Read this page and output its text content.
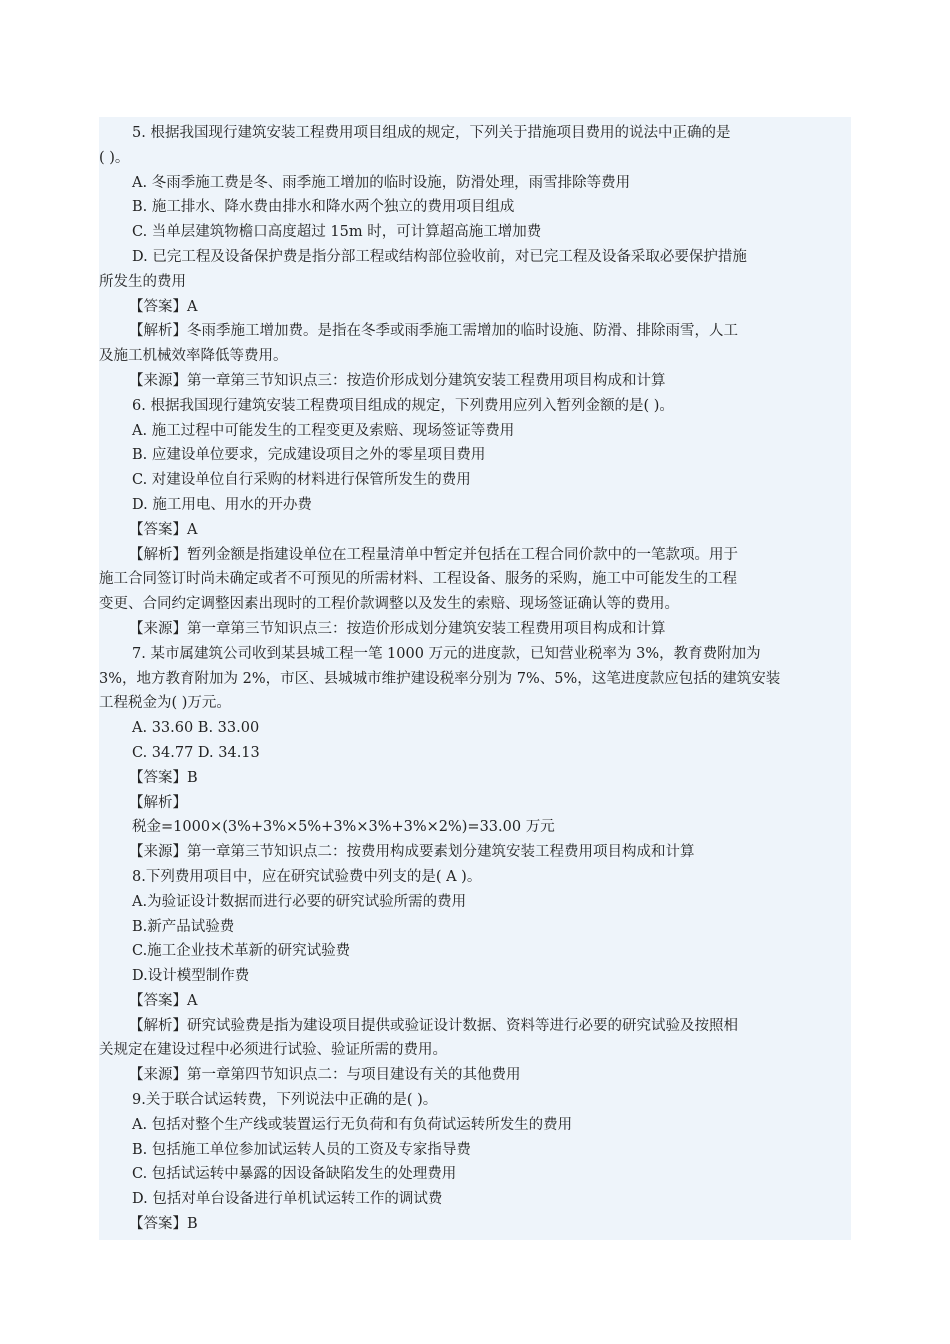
5. 根据我国现行建筑安装工程费用项目组成的规定，下列关于措施项目费用的说法中正确的是
( )。
A. 冬雨季施工费是冬、雨季施工增加的临时设施，防滑处理，雨雪排除等费用
B. 施工排水、降水费由排水和降水两个独立的费用项目组成
C. 当单层建筑物檐口高度超过 15m 时，可计算超高施工增加费
D. 已完工程及设备保护费是指分部工程或结构部位验收前，对已完工程及设备采取必要保护措施
所发生的费用
【答案】A
【解析】冬雨季施工增加费。是指在冬季或雨季施工需增加的临时设施、防滑、排除雨雪，人工
及施工机械效率降低等费用。
【来源】第一章第三节知识点三：按造价形成划分建筑安装工程费用项目构成和计算
6. 根据我国现行建筑安装工程费项目组成的规定，下列费用应列入暂列金额的是( )。
A. 施工过程中可能发生的工程变更及索赔、现场签证等费用
B. 应建设单位要求，完成建设项目之外的零星项目费用
C. 对建设单位自行采购的材料进行保管所发生的费用
D. 施工用电、用水的开办费
【答案】A
【解析】暂列金额是指建设单位在工程量清单中暂定并包括在工程合同价款中的一笔款项。用于
施工合同签订时尚未确定或者不可预见的所需材料、工程设备、服务的采购，施工中可能发生的工程
变更、合同约定调整因素出现时的工程价款调整以及发生的索赔、现场签证确认等的费用。
【来源】第一章第三节知识点三：按造价形成划分建筑安装工程费用项目构成和计算
7. 某市属建筑公司收到某县城工程一笔 1000 万元的进度款，已知营业税率为 3%，教育费附加为
3%，地方教育附加为 2%，市区、县城城市维护建设税率分别为 7%、5%，这笔进度款应包括的建筑安装
工程税金为( )万元。
A. 33.60 B. 33.00
C. 34.77 D. 34.13
【答案】B
【解析】
税金=1000×(3%+3%×5%+3%×3%+3%×2%)=33.00 万元
【来源】第一章第三节知识点二：按费用构成要素划分建筑安装工程费用项目构成和计算
8.下列费用项目中，应在研究试验费中列支的是( A )。
A.为验证设计数据而进行必要的研究试验所需的费用
B.新产品试验费
C.施工企业技术革新的研究试验费
D.设计模型制作费
【答案】A
【解析】研究试验费是指为建设项目提供或验证设计数据、资料等进行必要的研究试验及按照相
关规定在建设过程中必须进行试验、验证所需的费用。
【来源】第一章第四节知识点二：与项目建设有关的其他费用
9.关于联合试运转费，下列说法中正确的是( )。
A. 包括对整个生产线或装置运行无负荷和有负荷试运转所发生的费用
B. 包括施工单位参加试运转人员的工资及专家指导费
C. 包括试运转中暴露的因设备缺陷发生的处理费用
D. 包括对单台设备进行单机试运转工作的调试费
【答案】B
